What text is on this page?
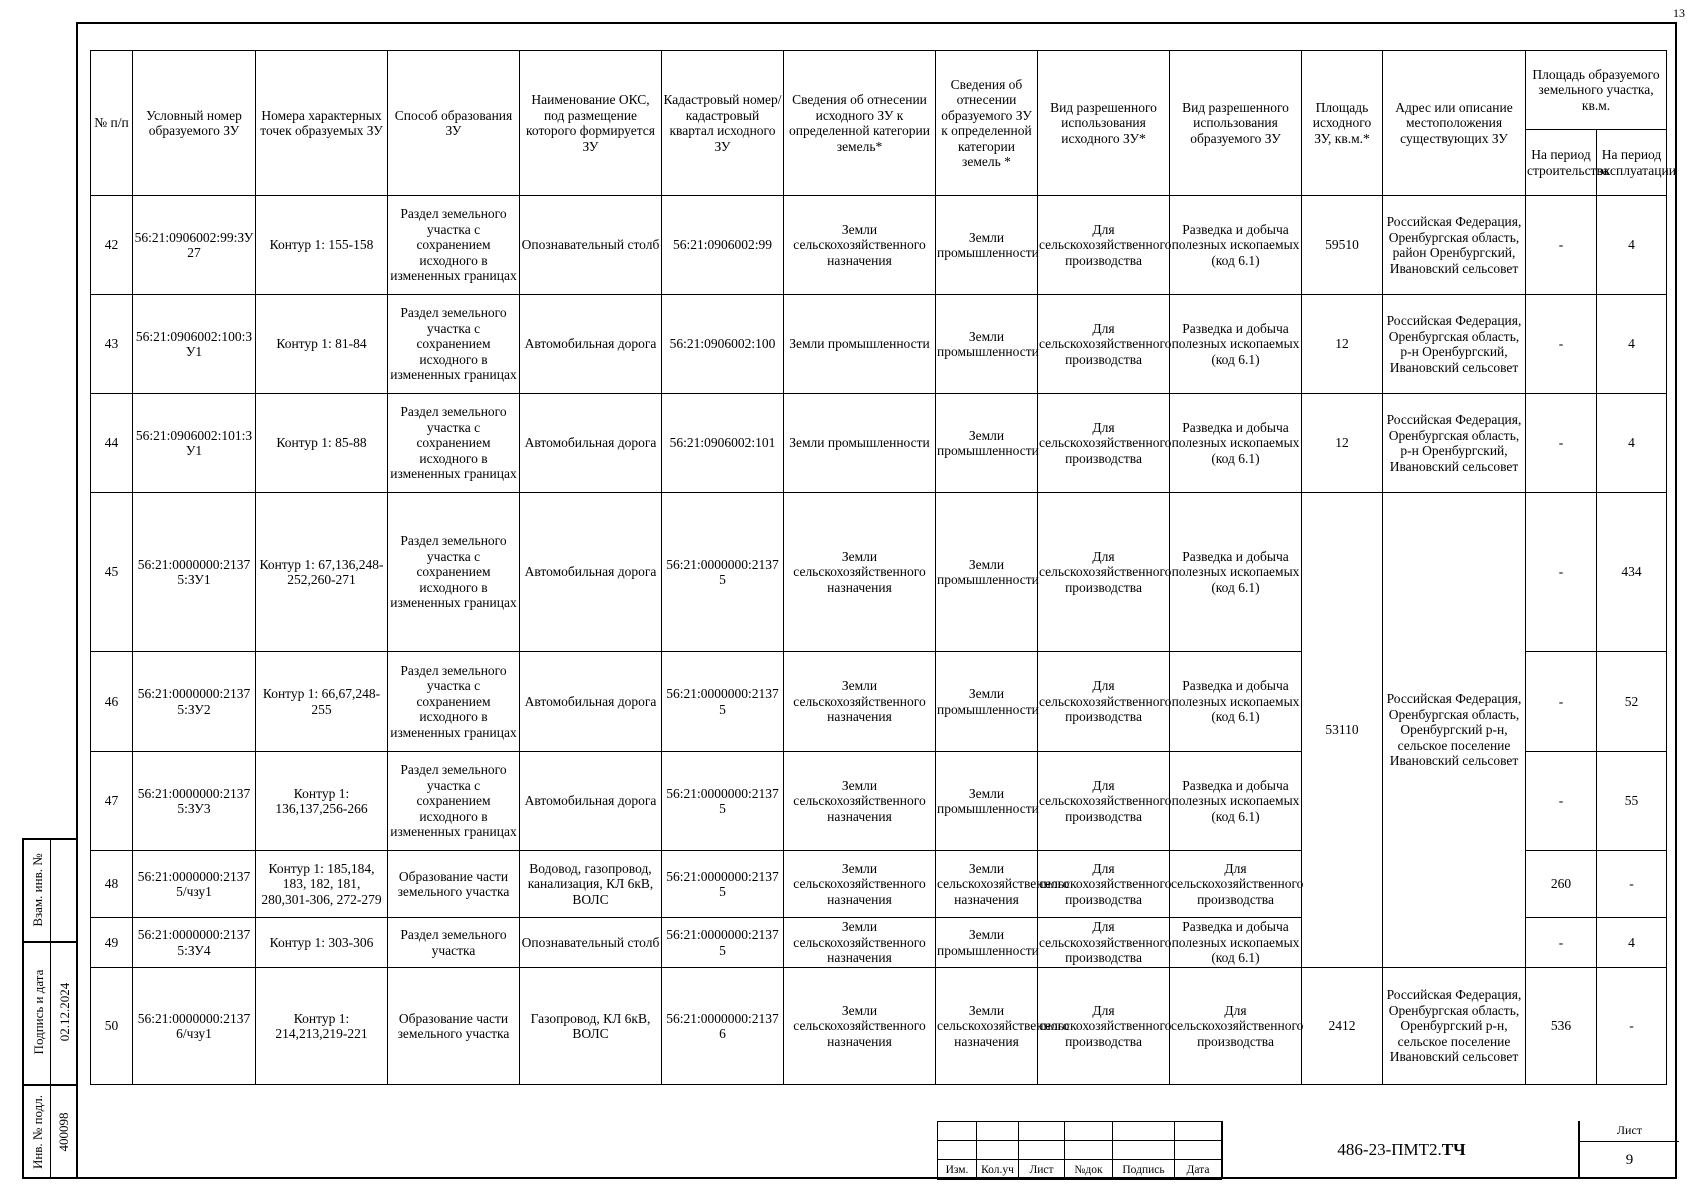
13
№ п/п	Условный номер образуемого ЗУ	Номера характерных точек образуемых ЗУ	Способ образования ЗУ	Наименование ОКС, под размещение которого формируется ЗУ	Кадастровый номер/ кадастровый квартал исходного ЗУ	Сведения об отнесении исходного ЗУ к определенной категории земель*	Сведения об отнесении образуемого ЗУ к определенной категории земель *	Вид разрешенного использования исходного ЗУ*	Вид разрешенного использования образуемого ЗУ	Площадь исходного ЗУ, кв.м.*	Адрес или описание местоположения существующих ЗУ	Площадь образуемого земельного участка, кв.м.	
												На период строительства	На период эксплуатации
42	56:21:0906002:99:ЗУ27	Контур 1: 155-158	Раздел земельного участка с сохранением исходного в измененных границах	Опознавательный столб	56:21:0906002:99	Земли сельскохозяйственного назначения	Земли промышленности	Для сельскохозяйственного производства	Разведка и добыча полезных ископаемых (код 6.1)	59510	Российская Федерация, Оренбургская область, район Оренбургский, Ивановский сельсовет	-	4
43	56:21:0906002:100:ЗУ1	Контур 1: 81-84	Раздел земельного участка с сохранением исходного в измененных границах	Автомобильная дорога	56:21:0906002:100	Земли промышленности	Земли промышленности	Для сельскохозяйственного производства	Разведка и добыча полезных ископаемых (код 6.1)	12	Российская Федерация, Оренбургская область, р-н Оренбургский, Ивановский сельсовет	-	4
44	56:21:0906002:101:ЗУ1	Контур 1: 85-88	Раздел земельного участка с сохранением исходного в измененных границах	Автомобильная дорога	56:21:0906002:101	Земли промышленности	Земли промышленности	Для сельскохозяйственного производства	Разведка и добыча полезных ископаемых (код 6.1)	12	Российская Федерация, Оренбургская область, р-н Оренбургский, Ивановский сельсовет	-	4
45	56:21:0000000:21375:ЗУ1	Контур 1: 67,136,248-252,260-271	Раздел земельного участка с сохранением исходного в измененных границах	Автомобильная дорога	56:21:0000000:21375	Земли сельскохозяйственного назначения	Земли промышленности	Для сельскохозяйственного производства	Разведка и добыча полезных ископаемых (код 6.1)	53110	Российская Федерация, Оренбургская область, Оренбургский р-н, сельское поселение Ивановский сельсовет	-	434
46	56:21:0000000:21375:ЗУ2	Контур 1: 66,67,248-255	Раздел земельного участка с сохранением исходного в измененных границах	Автомобильная дорога	56:21:0000000:21375	Земли сельскохозяйственного назначения	Земли промышленности	Для сельскохозяйственного производства	Разведка и добыча полезных ископаемых (код 6.1)			-	52
47	56:21:0000000:21375:ЗУ3	Контур 1: 136,137,256-266	Раздел земельного участка с сохранением исходного в измененных границах	Автомобильная дорога	56:21:0000000:21375	Земли сельскохозяйственного назначения	Земли промышленности	Для сельскохозяйственного производства	Разведка и добыча полезных ископаемых (код 6.1)			-	55
48	56:21:0000000:21375/чзу1	Контур 1: 185,184, 183, 182, 181, 280,301-306, 272-279	Образование части земельного участка	Водовод, газопровод, канализация, КЛ 6кВ, ВОЛС	56:21:0000000:21375	Земли сельскохозяйственного назначения	Земли сельскохозяйственного назначения	Для сельскохозяйственного производства	Для сельскохозяйственного производства			260	-
49	56:21:0000000:21375:ЗУ4	Контур 1: 303-306	Раздел земельного участка	Опознавательный столб	56:21:0000000:21375	Земли сельскохозяйственного назначения	Земли промышленности	Для сельскохозяйственного производства	Разведка и добыча полезных ископаемых (код 6.1)			-	4
50	56:21:0000000:21376/чзу1	Контур 1: 214,213,219-221	Образование части земельного участка	Газопровод, КЛ 6кВ, ВОЛС	56:21:0000000:21376	Земли сельскохозяйственного назначения	Земли сельскохозяйственного назначения	Для сельскохозяйственного производства	Для сельскохозяйственного производства	2412	Российская Федерация, Оренбургская область, Оренбургский р-н, сельское поселение Ивановский сельсовет	536	-
Взам. инв. №
Подпись и дата 02.12.2024
Инв. № подл. 400098

Изм.	Кол.уч	Лист	№док	Подпись	Дата
486-23-ПМТ2. ТЧ
Лист
9
